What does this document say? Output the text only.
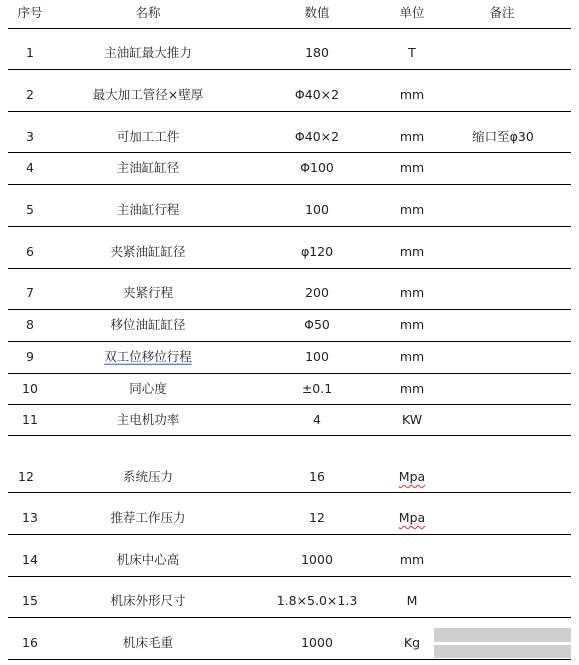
序号	名称	数值	单位	备注
1	主油缸最大推力	180	T
2	最大加工管径×壁厚	Φ40×2	mm
3	可加工工件	Φ40×2	mm	缩口至φ30
4	主油缸缸径	Φ100	mm
5	主油缸行程	100	mm
6	夹紧油缸缸径	φ120	mm
7	夹紧行程	200	mm
8	移位油缸缸径	Φ50	mm
9	双工位移位行程	100	mm
10	同心度	±0.1	mm
11	主电机功率	4	KW
12	系统压力	16	Mpa
13	推荐工作压力	12	Mpa
14	机床中心高	1000	mm
15	机床外形尺寸	1.8×5.0×1.3	M
16	机床毛重	1000	Kg
